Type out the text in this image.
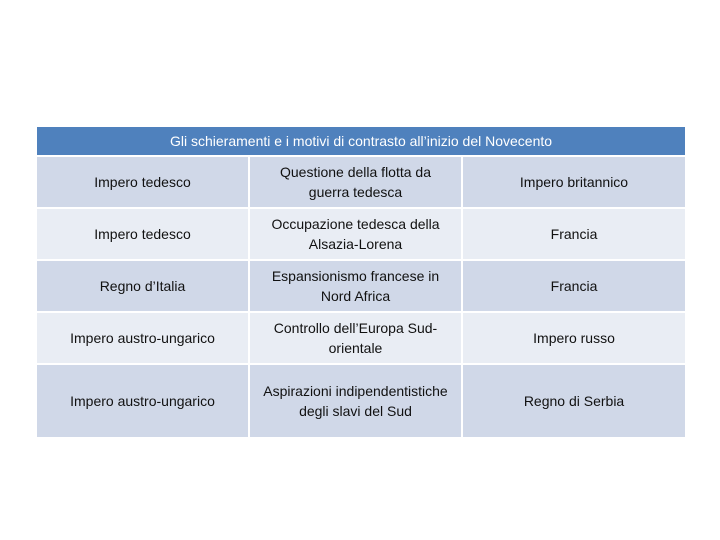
Gli schieramenti e i motivi di contrasto all’inizio del Novecento		
Impero tedesco	Questione della flotta da guerra tedesca	Impero britannico
Impero tedesco	Occupazione tedesca della Alsazia-Lorena	Francia
Regno d’Italia	Espansionismo francese in Nord Africa	Francia
Impero austro-ungarico	Controllo dell’Europa Sud-orientale	Impero russo
Impero austro-ungarico	Aspirazioni indipendentistiche degli slavi del Sud	Regno di Serbia
